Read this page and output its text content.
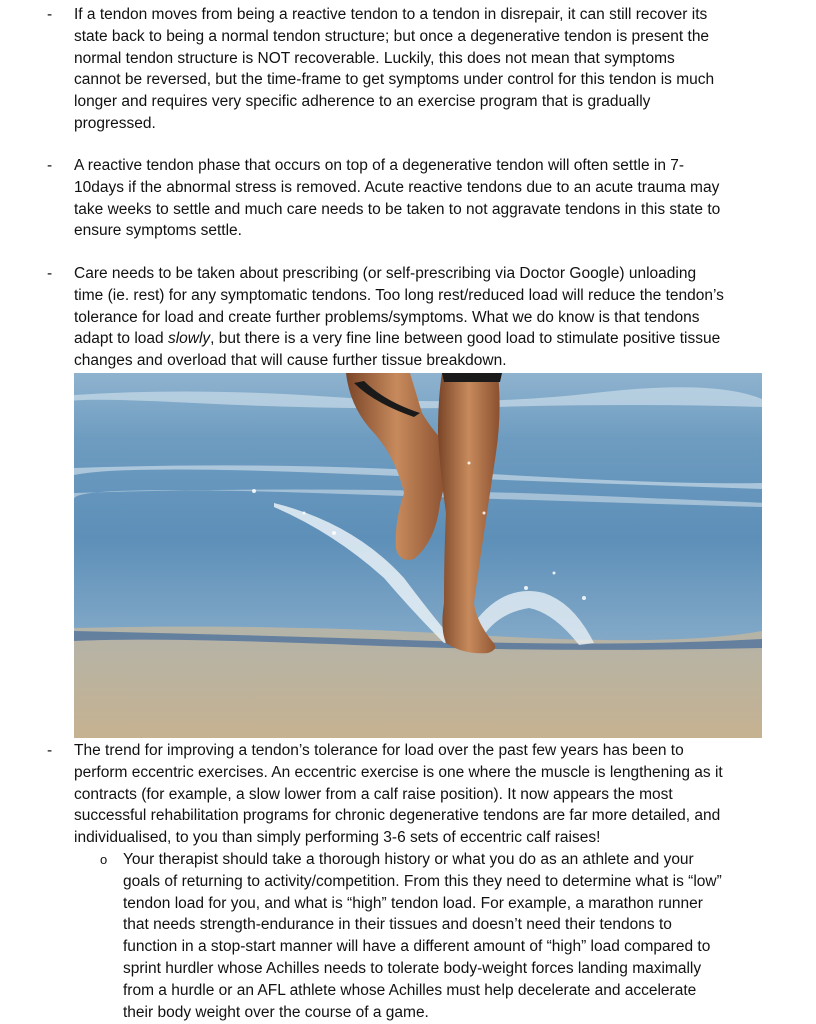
- If a tendon moves from being a reactive tendon to a tendon in disrepair, it can still recover its
state back to being a normal tendon structure; but once a degenerative tendon is present the
normal tendon structure is NOT recoverable. Luckily, this does not mean that symptoms
cannot be reversed, but the time-frame to get symptoms under control for this tendon is much
longer and requires very specific adherence to an exercise program that is gradually
progressed.
- A reactive tendon phase that occurs on top of a degenerative tendon will often settle in 7-
10days if the abnormal stress is removed. Acute reactive tendons due to an acute trauma may
take weeks to settle and much care needs to be taken to not aggravate tendons in this state to
ensure symptoms settle.
- Care needs to be taken about prescribing (or self-prescribing via Doctor Google) unloading
time (ie. rest) for any symptomatic tendons. Too long rest/reduced load will reduce the tendon’s
tolerance for load and create further problems/symptoms. What we do know is that tendons
adapt to load slowly, but there is a very fine line between good load to stimulate positive tissue
changes and overload that will cause further tissue breakdown.
- The trend for improving a tendon’s tolerance for load over the past few years has been to
perform eccentric exercises. An eccentric exercise is one where the muscle is lengthening as it
contracts (for example, a slow lower from a calf raise position). It now appears the most
successful rehabilitation programs for chronic degenerative tendons are far more detailed, and
individualised, to you than simply performing 3-6 sets of eccentric calf raises!
o Your therapist should take a thorough history or what you do as an athlete and your
goals of returning to activity/competition. From this they need to determine what is “low”
tendon load for you, and what is “high” tendon load. For example, a marathon runner
that needs strength-endurance in their tissues and doesn’t need their tendons to
function in a stop-start manner will have a different amount of “high” load compared to
sprint hurdler whose Achilles needs to tolerate body-weight forces landing maximally
from a hurdle or an AFL athlete whose Achilles must help decelerate and accelerate
their body weight over the course of a game.
